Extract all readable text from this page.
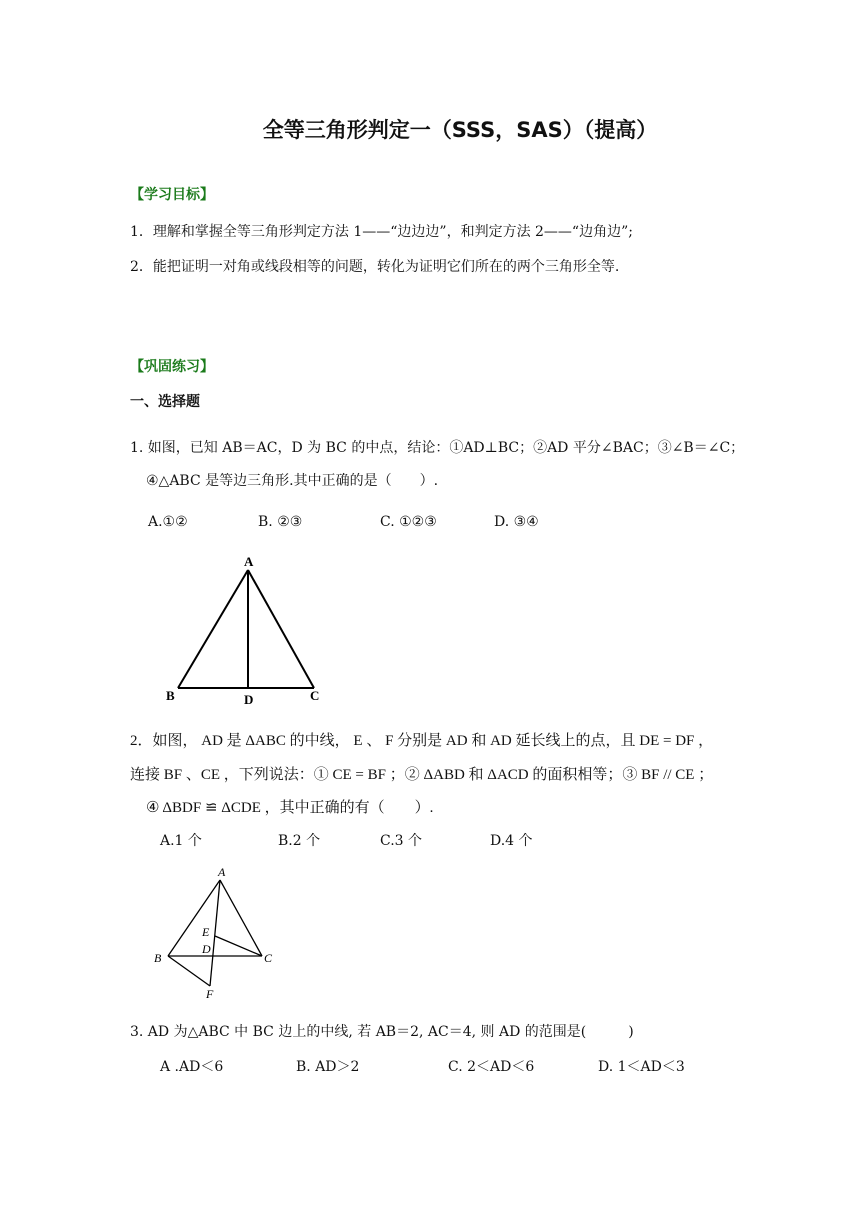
全等三角形判定一（SSS，SAS）（提高）
【学习目标】
1．理解和掌握全等三角形判定方法 1——“边边边”，和判定方法 2——“边角边”;
2．能把证明一对角或线段相等的问题，转化为证明它们所在的两个三角形全等.
【巩固练习】
一、选择题
1. 如图，已知 AB＝AC，D 为 BC 的中点，结论：①AD⊥BC；②AD 平分∠BAC；③∠B＝∠C；
④△ABC 是等边三角形.其中正确的是（　　）.
A.①②	B. ②③	C. ①②③	D. ③④
A
B	D	C
2．如图， AD 是 ΔABC 的中线， E 、 F 分别是 AD 和 AD 延长线上的点，且 DE = DF ，
连接 BF 、CE ，下列说法：① CE = BF ；② ΔABD 和 ΔACD 的面积相等；③ BF // CE ；
④ ΔBDF ≌ ΔCDE ，其中正确的有（　　）.
A.1 个	B.2 个	C.3 个	D.4 个
A
E
D
B	C
F
3. AD 为△ABC 中 BC 边上的中线, 若 AB＝2, AC＝4, 则 AD 的范围是(　　　)
A .AD＜6	B. AD＞2	C. 2＜AD＜6	D. 1＜AD＜3
